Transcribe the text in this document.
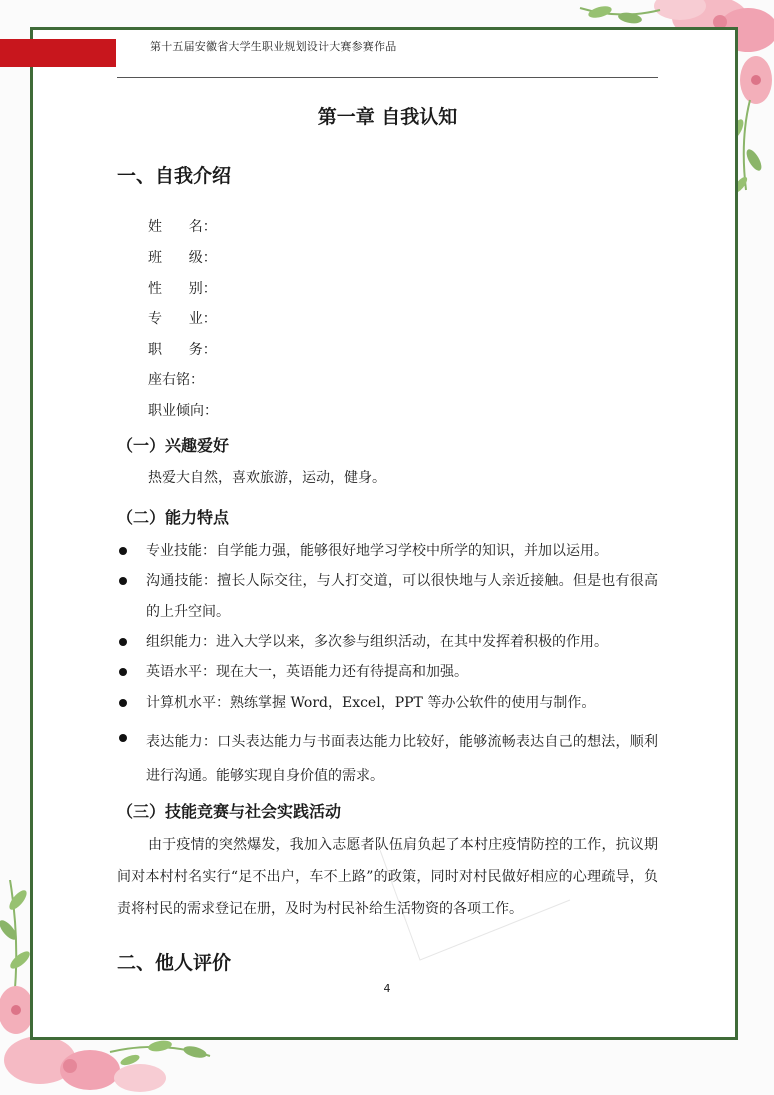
第十五届安徽省大学生职业规划设计大赛参赛作品
第一章 自我认知
一、自我介绍
姓      名：
班      级：
性      别：
专      业：
职      务：
座右铭：
职业倾向：
（一）兴趣爱好
热爱大自然，喜欢旅游，运动，健身。
（二）能力特点
专业技能：自学能力强，能够很好地学习学校中所学的知识，并加以运用。
沟通技能：擅长人际交往，与人打交道，可以很快地与人亲近接触。但是也有很高的上升空间。
组织能力：进入大学以来，多次参与组织活动，在其中发挥着积极的作用。
英语水平：现在大一，英语能力还有待提高和加强。
计算机水平：熟练掌握 Word，Excel，PPT 等办公软件的使用与制作。
表达能力：口头表达能力与书面表达能力比较好，能够流畅表达自己的想法，顺利进行沟通。能够实现自身价值的需求。
（三）技能竞赛与社会实践活动
由于疫情的突然爆发，我加入志愿者队伍肩负起了本村庄疫情防控的工作，抗议期间对本村村名实行“足不出户，车不上路”的政策，同时对村民做好相应的心理疏导，负责将村民的需求登记在册，及时为村民补给生活物资的各项工作。
二、他人评价
4
